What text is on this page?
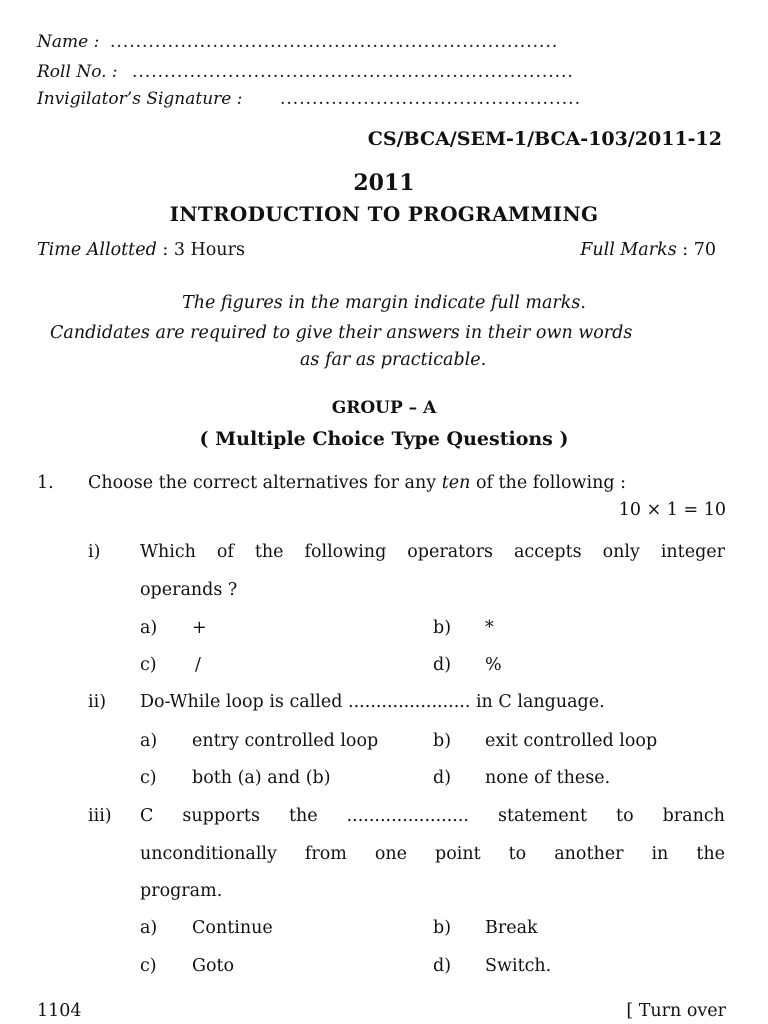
Name : ......................................................................
Roll No. : .....................................................................
Invigilator’s Signature : ...............................................
CS/BCA/SEM-1/BCA-103/2011-12
2011
INTRODUCTION TO PROGRAMMING
Time Allotted : 3 Hours	Full Marks : 70
The figures in the margin indicate full marks.
Candidates are required to give their answers in their own words
as far as practicable.
GROUP – A
( Multiple Choice Type Questions )
1. Choose the correct alternatives for any ten of the following :
10 × 1 = 10
i) Which of the following operators accepts only integer
operands ?
a) +	b) *
c) /	d) %
ii) Do-While loop is called ...................... in C language.
a) entry controlled loop	b) exit controlled loop
c) both (a) and (b)	d) none of these.
iii) C supports the ...................... statement to branch
unconditionally from one point to another in the
program.
a) Continue	b) Break
c) Goto	d) Switch.
1104	[ Turn over
